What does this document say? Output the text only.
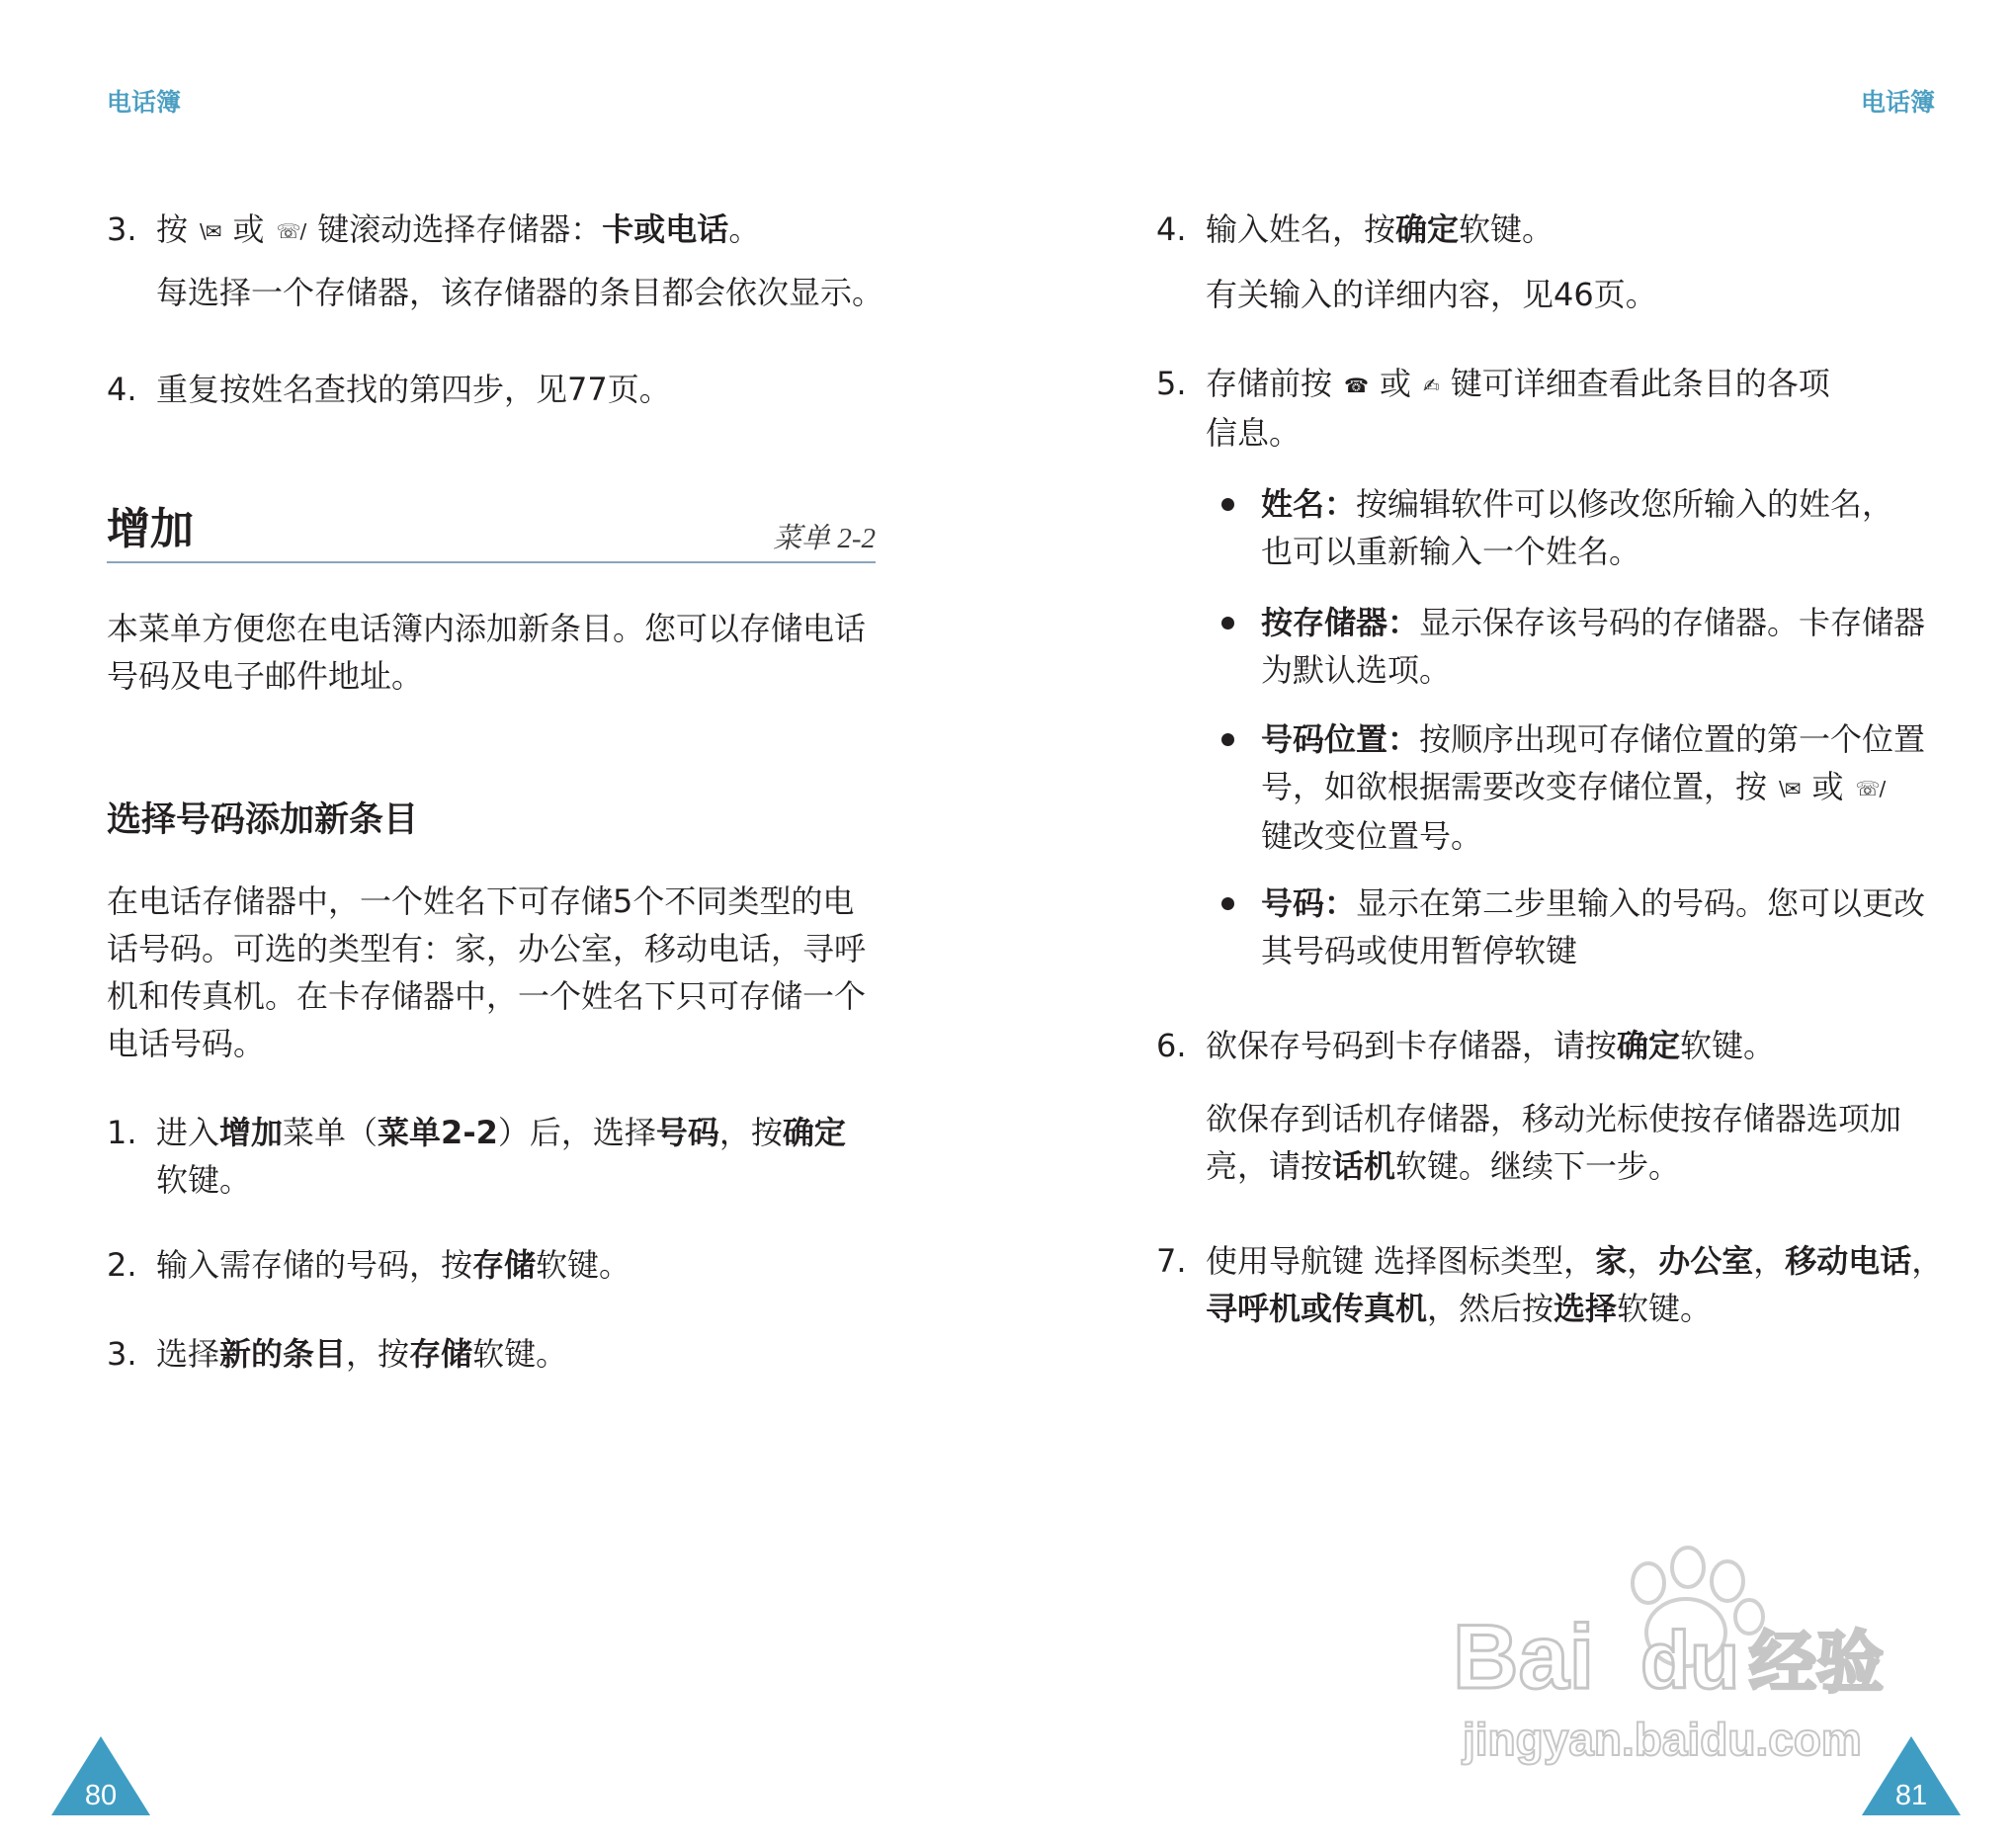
电话簿
3. 按 \✉ 或 ☏/ 键滚动选择存储器：卡或电话。
每选择一个存储器，该存储器的条目都会依次显示。
4. 重复按姓名查找的第四步，见77页。
增加	菜单 2-2
本菜单方便您在电话簿内添加新条目。您可以存储电话
号码及电子邮件地址。
选择号码添加新条目
在电话存储器中，一个姓名下可存储5个不同类型的电
话号码。可选的类型有：家，办公室，移动电话，寻呼
机和传真机。在卡存储器中，一个姓名下只可存储一个
电话号码。
1. 进入增加菜单（菜单2-2）后，选择号码，按确定
软键。
2. 输入需存储的号码，按存储软键。
3. 选择新的条目，按存储软键。
80
电话簿
4. 输入姓名，按确定软键。
有关输入的详细内容，见46页。
5. 存储前按 ☎ 或 ✍ 键可详细查看此条目的各项
信息。
姓名：按编辑软件可以修改您所输入的姓名，
也可以重新输入一个姓名。
按存储器：显示保存该号码的存储器。卡存储器
为默认选项。
号码位置：按顺序出现可存储位置的第一个位置
号，如欲根据需要改变存储位置，按 \✉ 或 ☏/
键改变位置号。
号码：显示在第二步里输入的号码。您可以更改
其号码或使用暂停软键
6. 欲保存号码到卡存储器，请按确定软键。
欲保存到话机存储器，移动光标使按存储器选项加
亮，请按话机软键。继续下一步。
7. 使用导航键 选择图标类型，家，办公室，移动电话，
寻呼机或传真机，然后按选择软键。
81
Bai du 经验
jingyan.baidu.com
